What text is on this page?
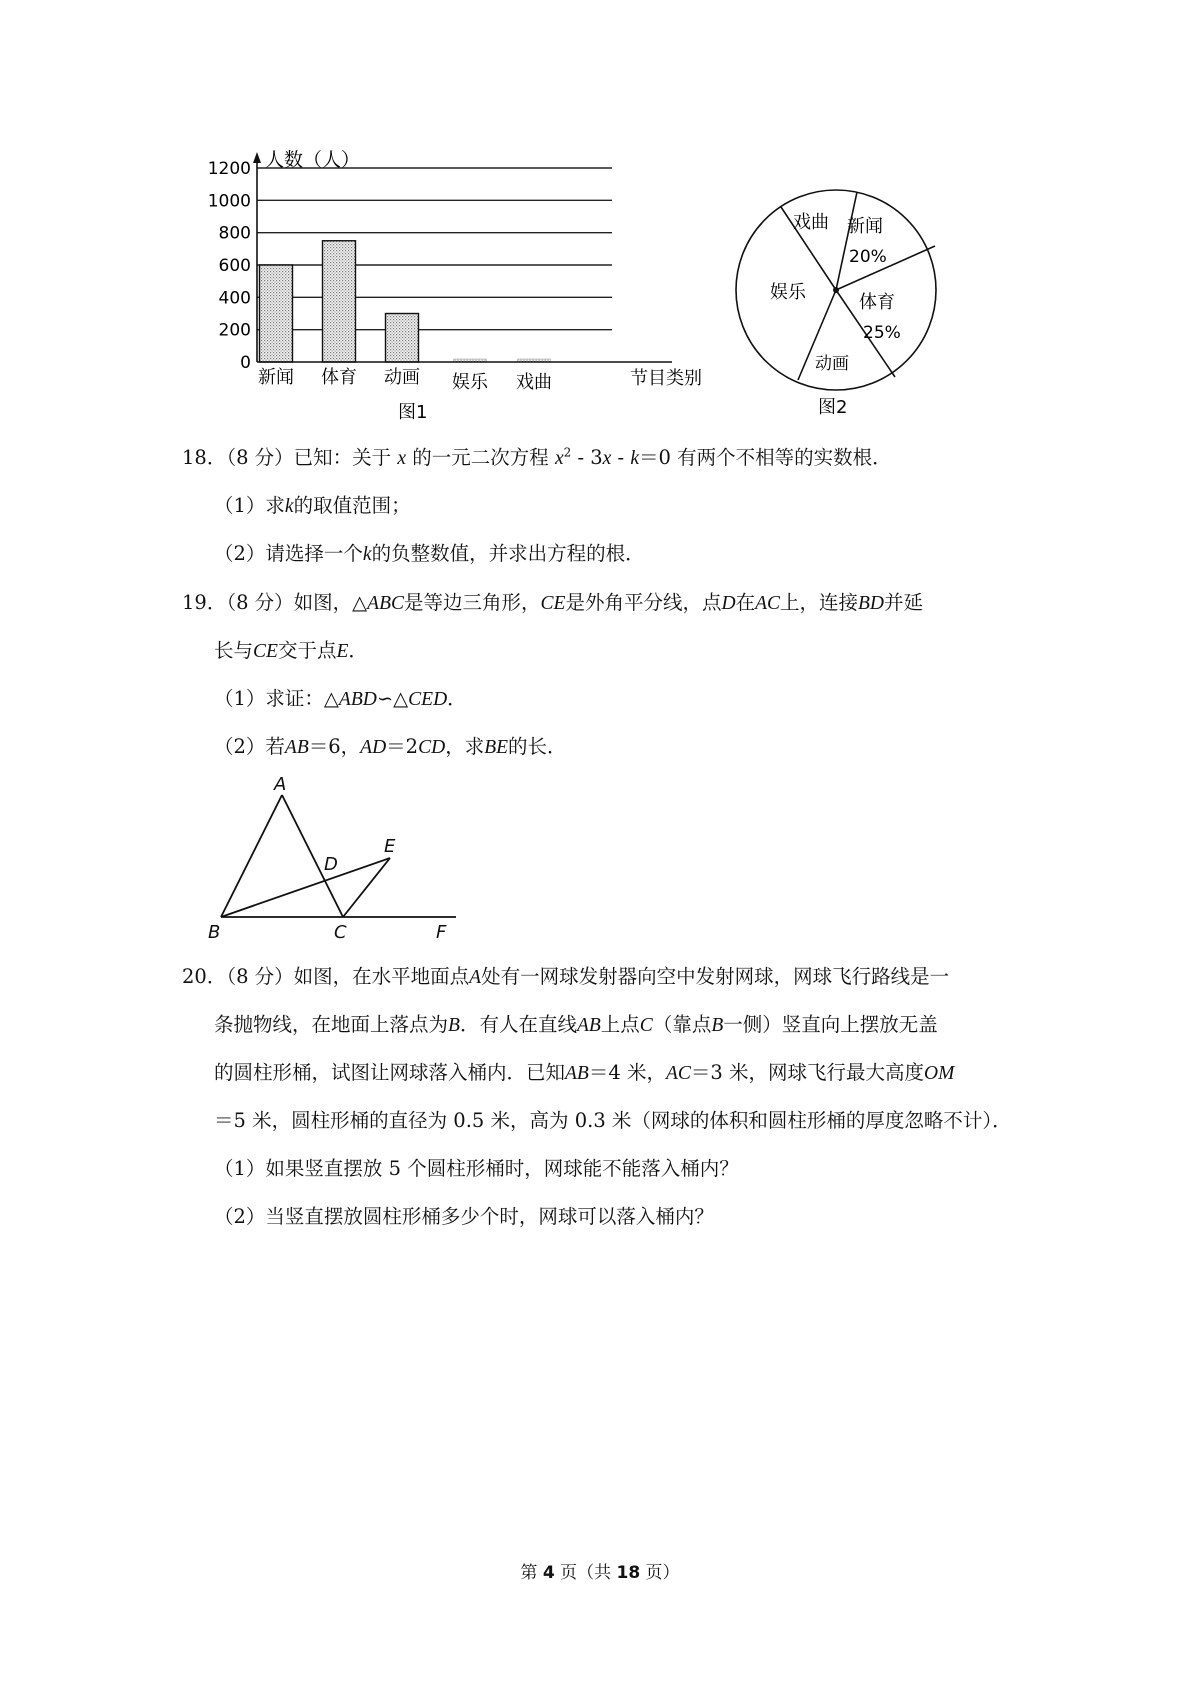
1200
1000
800
600
400
200
0
新闻 体育 动画 娱乐 戏曲
人数（人）
节目类别
图1
新闻
20%
体育
25%
动画
娱乐
戏曲
图2
18．（8 分）已知：关于 x 的一元二次方程 $x^2 - 3x - k=0$ 有两个不相等的实数根．
（1）求k的取值范围；
（2）请选择一个k的负整数值，并求出方程的根．
19．（8 分）如图，△ABC是等边三角形，CE是外角平分线，点D在AC上，连接BD并延
长与CE交于点E．
（1）求证：△ABD∽△CED．
（2）若AB＝6，AD＝2CD，求BE的长．
A
B	C
D
E
F
20．（8 分）如图，在水平地面点A处有一网球发射器向空中发射网球，网球飞行路线是一
条抛物线，在地面上落点为B．有人在直线AB上点C（靠点B一侧）竖直向上摆放无盖
的圆柱形桶，试图让网球落入桶内．已知AB＝4 米，AC＝3 米，网球飞行最大高度OM
＝5 米，圆柱形桶的直径为 0.5 米，高为 0.3 米（网球的体积和圆柱形桶的厚度忽略不计）．
（1）如果竖直摆放 5 个圆柱形桶时，网球能不能落入桶内？
（2）当竖直摆放圆柱形桶多少个时，网球可以落入桶内？
第 4 页（共 18 页）
